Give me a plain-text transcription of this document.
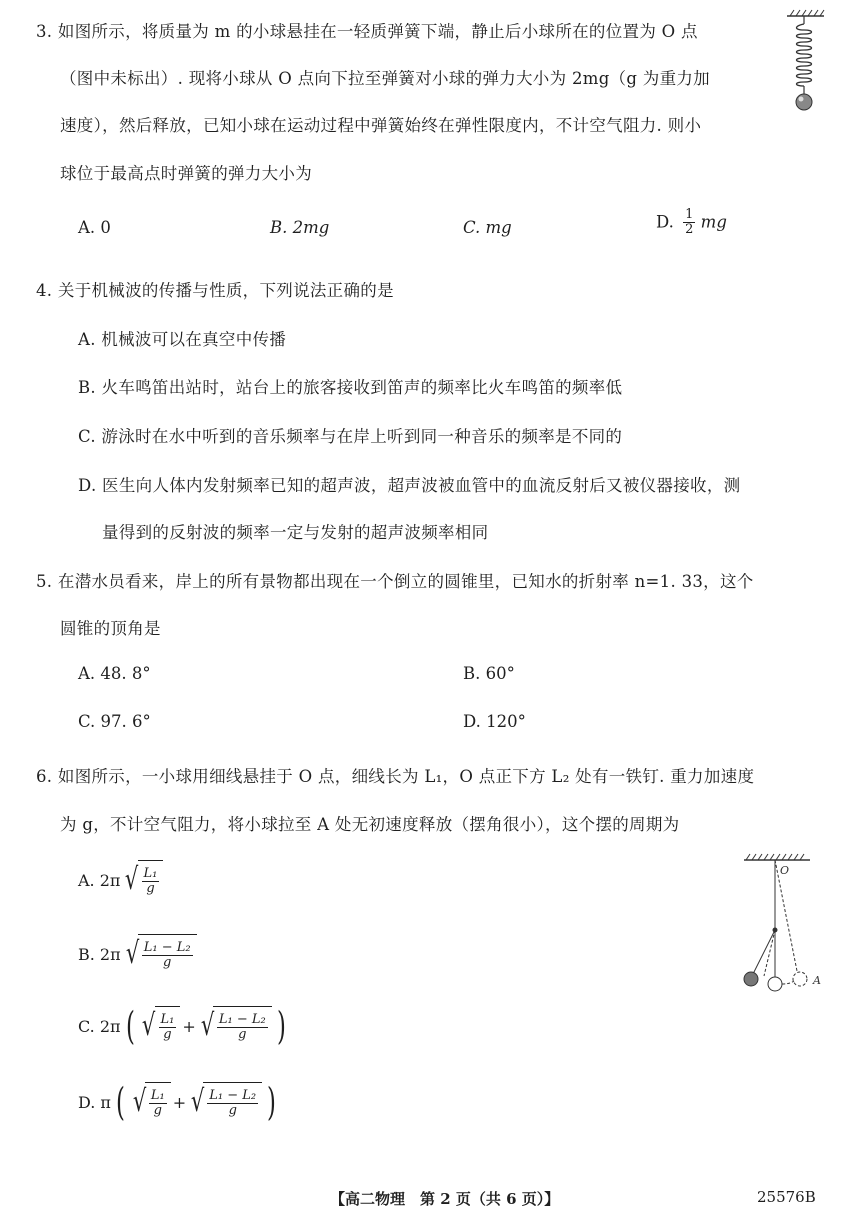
3. 如图所示，将质量为 m 的小球悬挂在一轻质弹簧下端，静止后小球所在的位置为 O 点
（图中未标出）. 现将小球从 O 点向下拉至弹簧对小球的弹力大小为 2mg（g 为重力加
速度），然后释放，已知小球在运动过程中弹簧始终在弹性限度内，不计空气阻力. 则小
球位于最高点时弹簧的弹力大小为
A. 0	B. 2mg	C. mg	D. $\frac{1}{2}$ mg
4. 关于机械波的传播与性质，下列说法正确的是
A. 机械波可以在真空中传播
B. 火车鸣笛出站时，站台上的旅客接收到笛声的频率比火车鸣笛的频率低
C. 游泳时在水中听到的音乐频率与在岸上听到同一种音乐的频率是不同的
D. 医生向人体内发射频率已知的超声波，超声波被血管中的血流反射后又被仪器接收，测
量得到的反射波的频率一定与发射的超声波频率相同
5. 在潜水员看来，岸上的所有景物都出现在一个倒立的圆锥里，已知水的折射率 n=1. 33，这个
圆锥的顶角是
A. 48. 8°	B. 60°
C. 97. 6°	D. 120°
6. 如图所示，一小球用细线悬挂于 O 点，细线长为 L₁，O 点正下方 L₂ 处有一铁钉. 重力加速度
为 g，不计空气阻力，将小球拉至 A 处无初速度释放（摆角很小），这个摆的周期为
A. 2π √ $\frac{\text{L₁}}{g}$
B. 2π √ $\frac{\text{L₁ − L₂}}{g}$
C. 2π ( √ $\frac{\text{L₁}}{g}$ + √ $\frac{\text{L₁ − L₂}}{g}$ )
D. π ( √ $\frac{\text{L₁}}{g}$ + √ $\frac{\text{L₁ − L₂}}{g}$ )
O
A
【高二物理　第 2 页（共 6 页）】	25576B
